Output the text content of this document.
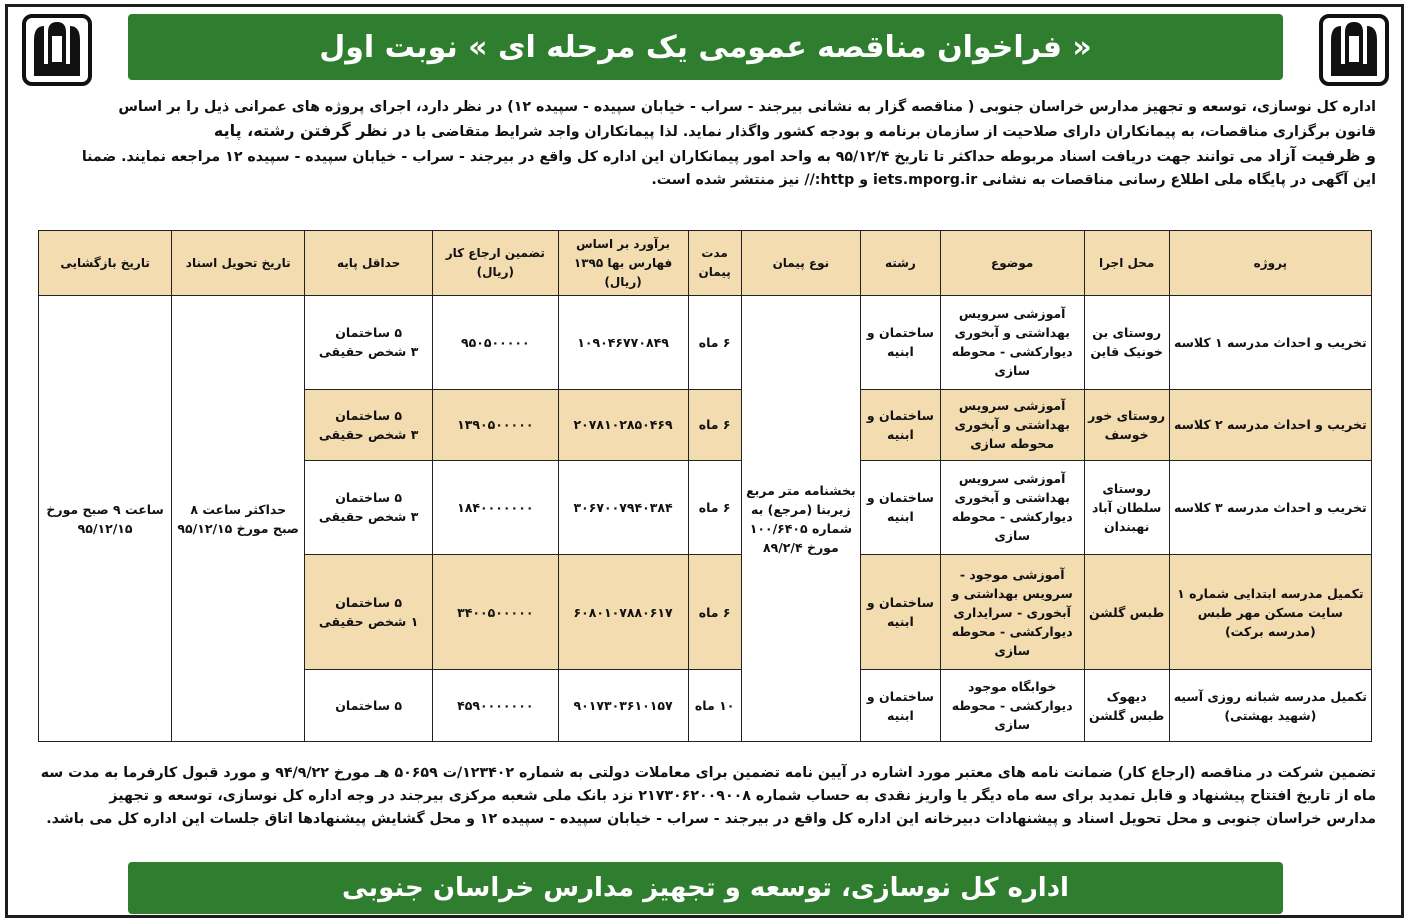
« فراخوان مناقصه عمومی یک مرحله ای » نوبت اول
اداره کل نوسازی، توسعه و تجهیز مدارس خراسان جنوبی ( مناقصه گزار به نشانی بیرجند - سراب - خیابان سپیده - سپیده ۱۲) در نظر دارد، اجرای پروژه های عمرانی ذیل را بر اساس
قانون برگزاری مناقصات، به پیمانکاران دارای صلاحیت از سازمان برنامه و بودجه کشور واگذار نماید. لذا پیمانکاران واجد شرایط متقاضی با در نظر گرفتن رشته، پایه
و ظرفیت آزاد می توانند جهت دریافت اسناد مربوطه حداکثر تا تاریخ ۹۵/۱۲/۴ به واحد امور پیمانکاران این اداره کل واقع در بیرجند - سراب - خیابان سپیده - سپیده ۱۲ مراجعه نمایند. ضمنا
این آگهی در پایگاه ملی اطلاع رسانی مناقصات به نشانی iets.mporg.ir و http:// نیز منتشر شده است.
پروژه	محل اجرا	موضوع	رشته	نوع پیمان	مدت پیمان	برآورد بر اساس فهارس بها ۱۳۹۵ (ریال)	تضمین ارجاع کار (ریال)	حداقل پایه	تاریخ تحویل اسناد	تاریخ بازگشایی
تخریب و احداث مدرسه ۱ کلاسه	روستای بن خونیک قاین	آموزشی سرویس بهداشتی و آبخوری دیوارکشی - محوطه سازی	ساختمان و ابنیه	بخشنامه متر مربع زیربنا (مرجع) به شماره ۱۰۰/۶۴۰۵ مورخ ۸۹/۲/۴	۶ ماه	۱۰۹۰۴۶۷۷۰۸۴۹	۹۵۰۵۰۰۰۰۰	۵ ساختمان
۳ شخص حقیقی	حداکثر ساعت ۸ صبح مورخ ۹۵/۱۲/۱۵	ساعت ۹ صبح مورخ ۹۵/۱۲/۱۵
تخریب و احداث مدرسه ۲ کلاسه	روستای خور خوسف	آموزشی سرویس بهداشتی و آبخوری محوطه سازی	ساختمان و ابنیه		۶ ماه	۲۰۷۸۱۰۲۸۵۰۴۶۹	۱۳۹۰۵۰۰۰۰۰	۵ ساختمان
۳ شخص حقیقی		

تخریب و احداث مدرسه ۳ کلاسه	روستای سلطان آباد نهبندان	آموزشی سرویس بهداشتی و آبخوری دیوارکشی - محوطه سازی	ساختمان و ابنیه		۶ ماه	۳۰۶۷۰۰۷۹۴۰۳۸۴	۱۸۴۰۰۰۰۰۰۰	۵ ساختمان
۳ شخص حقیقی		

تکمیل مدرسه ابتدایی شماره ۱ سایت مسکن مهر طبس (مدرسه برکت)	طبس گلشن	آموزشی موجود - سرویس بهداشتی و آبخوری - سرایداری دیوارکشی - محوطه سازی	ساختمان و ابنیه		۶ ماه	۶۰۸۰۱۰۷۸۸۰۶۱۷	۳۴۰۰۵۰۰۰۰۰	۵ ساختمان
۱ شخص حقیقی		

تکمیل مدرسه شبانه روزی آسیه (شهید بهشتی)	دیهوک طبس گلشن	خوابگاه موجود دیوارکشی - محوطه سازی	ساختمان و ابنیه		۱۰ ماه	۹۰۱۷۳۰۳۶۱۰۱۵۷	۴۵۹۰۰۰۰۰۰۰	۵ ساختمان		
تضمین شرکت در مناقصه (ارجاع کار) ضمانت نامه های معتبر مورد اشاره در آیین نامه تضمین برای معاملات دولتی به شماره ۱۲۳۴۰۲/ت ۵۰۶۵۹ هـ مورخ ۹۴/۹/۲۲ و مورد قبول کارفرما به مدت سه
ماه از تاریخ افتتاح پیشنهاد و قابل تمدید برای سه ماه دیگر یا واریز نقدی به حساب شماره ۲۱۷۳۰۶۲۰۰۹۰۰۸ نزد بانک ملی شعبه مرکزی بیرجند در وجه اداره کل نوسازی، توسعه و تجهیز
مدارس خراسان جنوبی و محل تحویل اسناد و پیشنهادات دبیرخانه این اداره کل واقع در بیرجند - سراب - خیابان سپیده - سپیده ۱۲ و محل گشایش پیشنهادها اتاق جلسات این اداره کل می باشد.
اداره کل نوسازی، توسعه و تجهیز مدارس خراسان جنوبی
